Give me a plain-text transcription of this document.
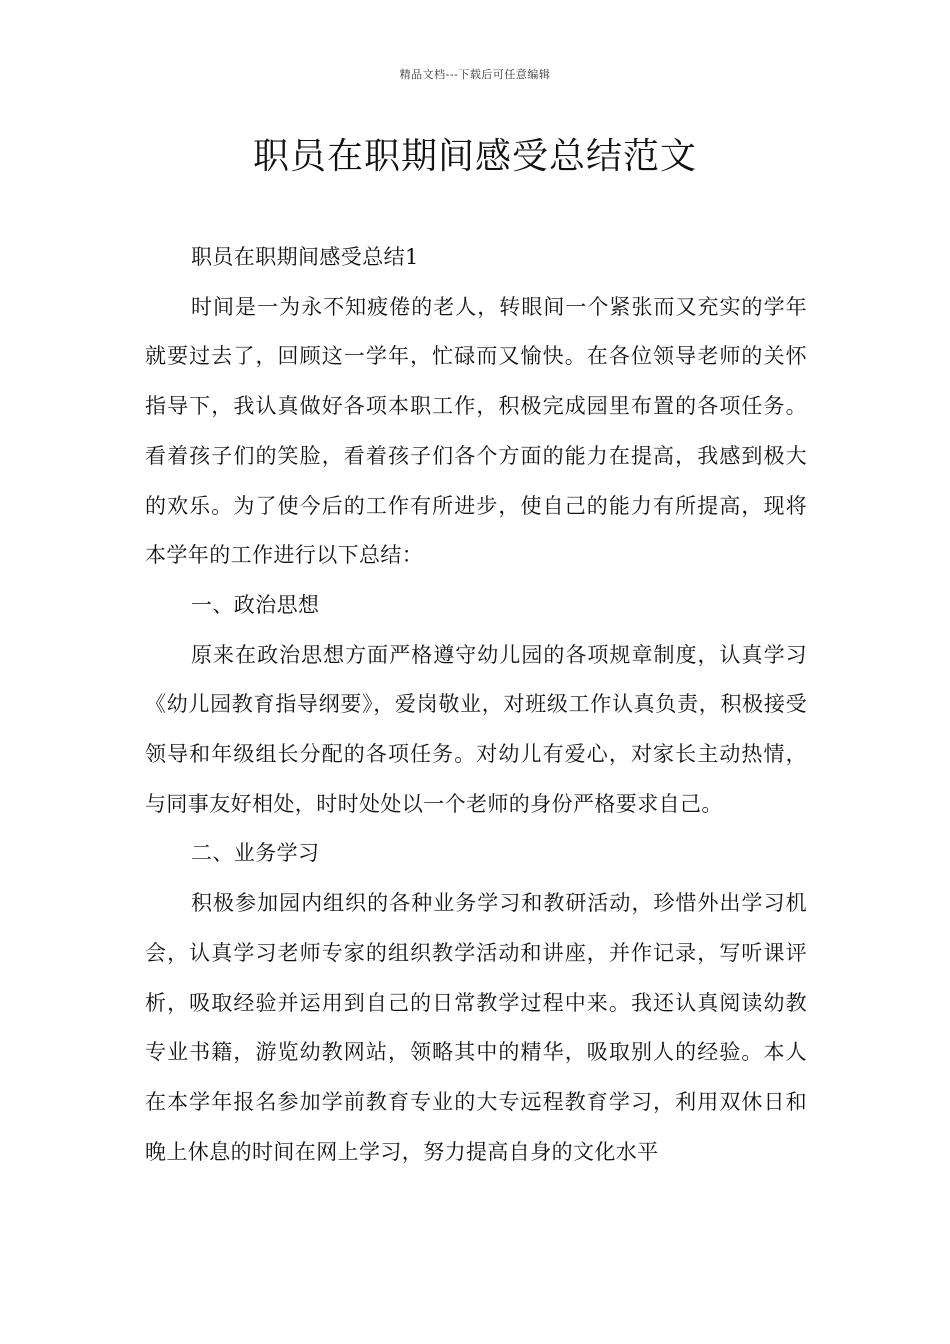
精品文档---下载后可任意编辑
职员在职期间感受总结范文

职员在职期间感受总结1

时间是一为永不知疲倦的老人，转眼间一个紧张而又充实的学年就要过去了，回顾这一学年，忙碌而又愉快。在各位领导老师的关怀指导下，我认真做好各项本职工作，积极完成园里布置的各项任务。看着孩子们的笑脸，看着孩子们各个方面的能力在提高，我感到极大的欢乐。为了使今后的工作有所进步，使自己的能力有所提高，现将本学年的工作进行以下总结：

一、政治思想

原来在政治思想方面严格遵守幼儿园的各项规章制度，认真学习《幼儿园教育指导纲要》，爱岗敬业，对班级工作认真负责，积极接受领导和年级组长分配的各项任务。对幼儿有爱心，对家长主动热情，与同事友好相处，时时处处以一个老师的身份严格要求自己。

二、业务学习

积极参加园内组织的各种业务学习和教研活动，珍惜外出学习机会，认真学习老师专家的组织教学活动和讲座，并作记录，写听课评析，吸取经验并运用到自己的日常教学过程中来。我还认真阅读幼教专业书籍，游览幼教网站，领略其中的精华，吸取别人的经验。本人在本学年报名参加学前教育专业的大专远程教育学习，利用双休日和晚上休息的时间在网上学习，努力提高自身的文化水平
